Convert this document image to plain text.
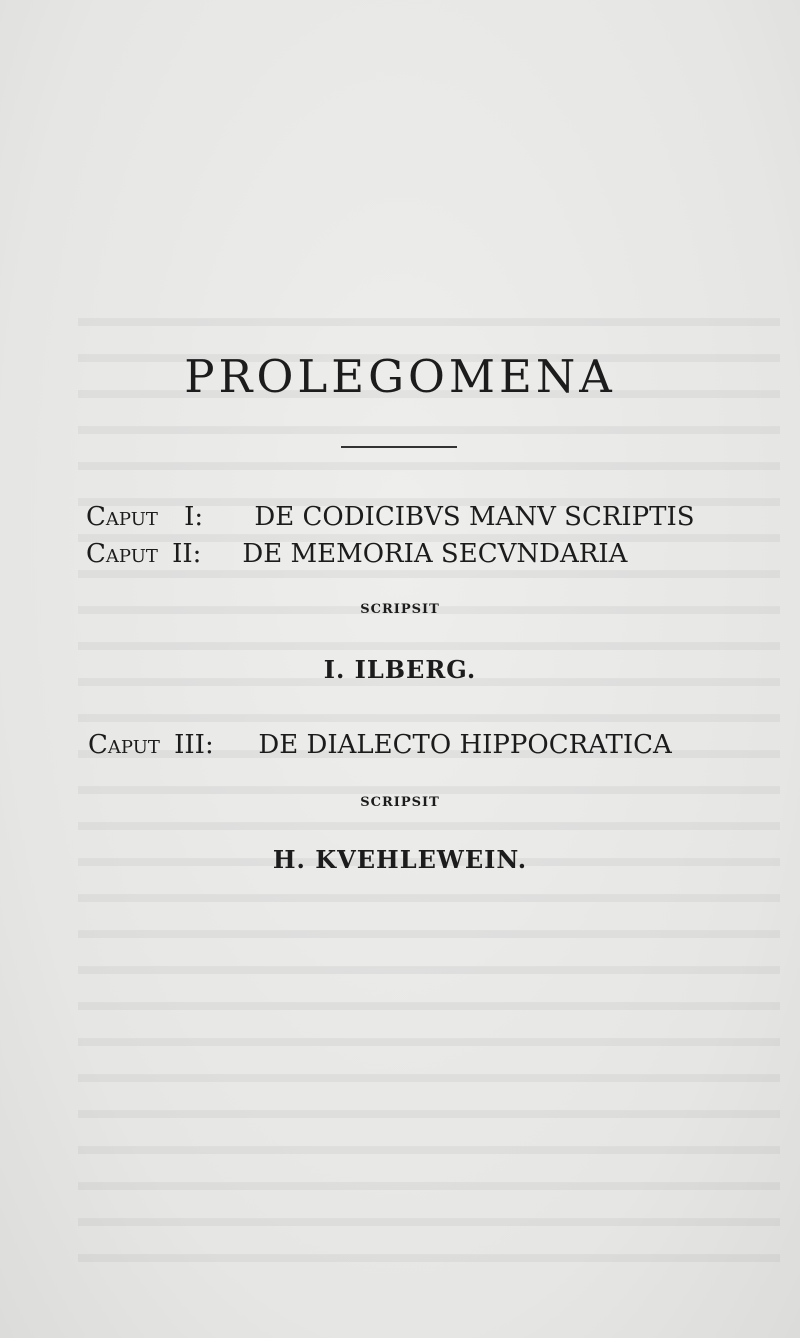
PROLEGOMENA
Caput I: DE CODICIBVS MANV SCRIPTIS
Caput II: DE MEMORIA SECVNDARIA
SCRIPSIT
I. ILBERG.
Caput III: DE DIALECTO HIPPOCRATICA
SCRIPSIT
H. KVEHLEWEIN.
